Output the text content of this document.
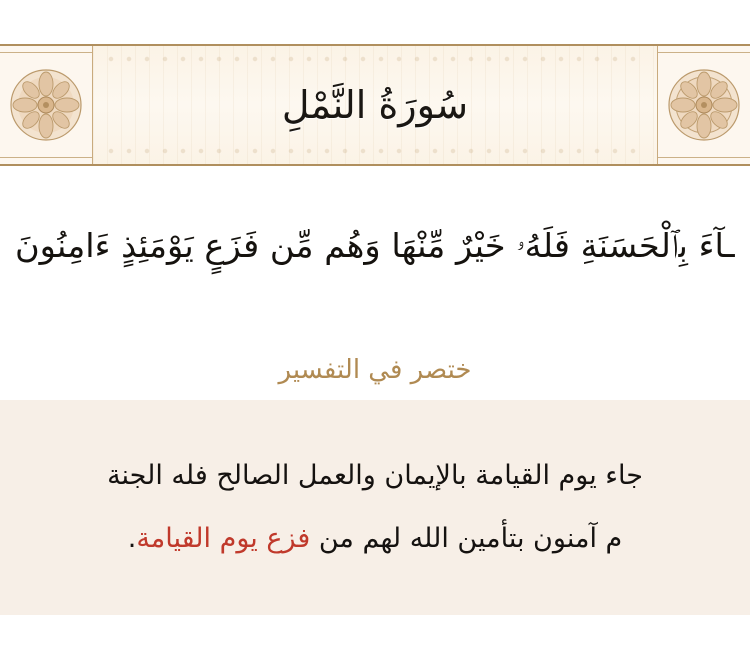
سُورَةُ النَّمْلِ
ـآءَ بِٱلْحَسَنَةِ فَلَهُۥ خَيْرٌ مِّنْهَا وَهُم مِّن فَزَعٍ يَوْمَئِذٍ ءَامِنُونَ
ختصر في التفسير
جاء يوم القيامة بالإيمان والعمل الصالح فله الجنة
م آمنون بتأمين الله لهم من فزع يوم القيامة.
